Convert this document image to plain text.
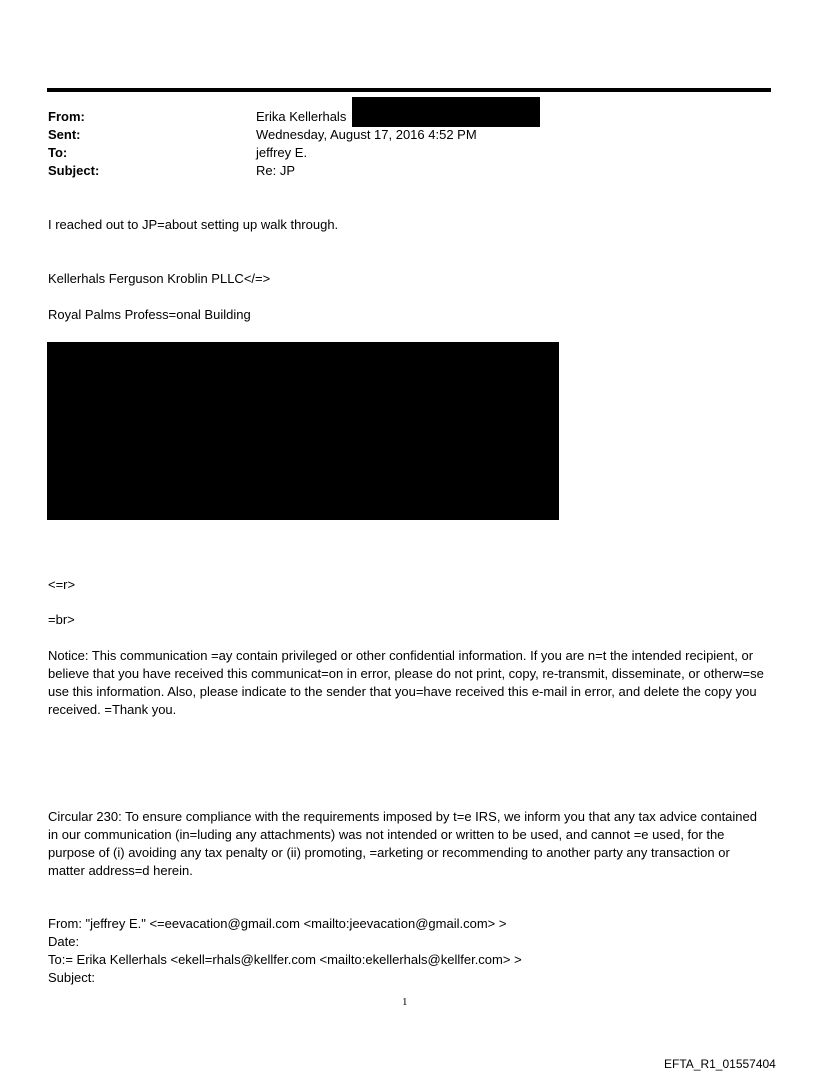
From:	Erika Kellerhals
Sent:	Wednesday, August 17, 2016 4:52 PM
To:	jeffrey E.
Subject:	Re: JP
I reached out to JP=about setting up walk through.
Kellerhals Ferguson Kroblin PLLC</=>
Royal Palms Profess=onal Building
<=r>
=br>
Notice: This communication =ay contain privileged or other confidential information. If you are n=t the intended recipient, or believe that you have received this communicat=on in error, please do not print, copy, re-transmit, disseminate, or otherw=se use this information. Also, please indicate to the sender that you=have received this e-mail in error, and delete the copy you received. =Thank you.
Circular 230: To ensure compliance with the requirements imposed by t=e IRS, we inform you that any tax advice contained in our communication (in=luding any attachments) was not intended or written to be used, and cannot =e used, for the purpose of (i) avoiding any tax penalty or (ii) promoting, =arketing or recommending to another party any transaction or matter address=d herein.
From: "jeffrey E." <=eevacation@gmail.com <mailto:jeevacation@gmail.com> >
Date:
To:= Erika Kellerhals <ekell=rhals@kellfer.com <mailto:ekellerhals@kellfer.com> >
Subject:
1
EFTA_R1_01557404
